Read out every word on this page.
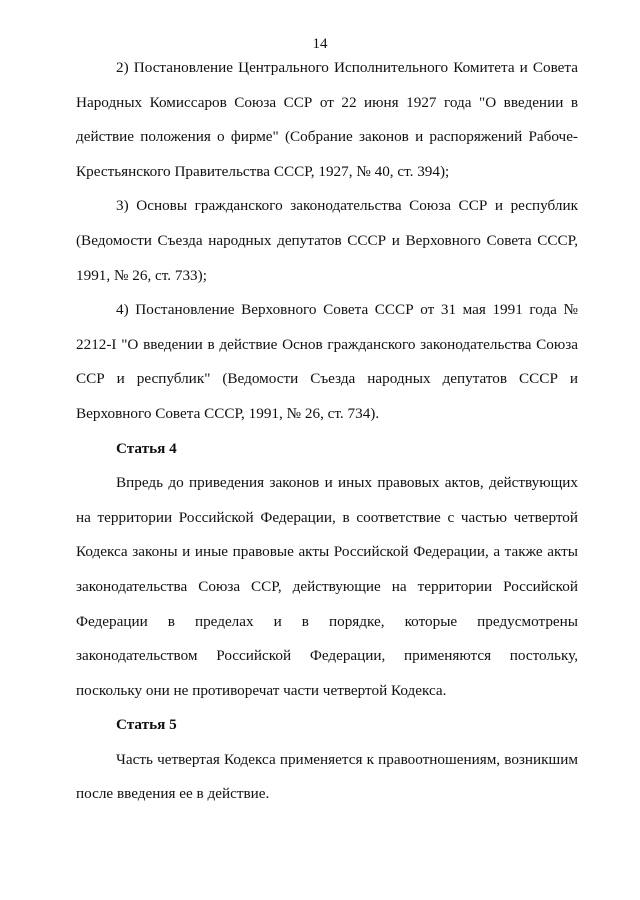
14

2) Постановление Центрального Исполнительного Комитета и Совета Народных Комиссаров Союза ССР от 22 июня 1927 года "О введении в действие положения о фирме" (Собрание законов и распоряжений Рабоче-Крестьянского Правительства СССР, 1927, № 40, ст. 394);

3) Основы гражданского законодательства Союза ССР и республик (Ведомости Съезда народных депутатов СССР и Верховного Совета СССР, 1991, № 26, ст. 733);

4) Постановление Верховного Совета СССР от 31 мая 1991 года № 2212-I "О введении в действие Основ гражданского законодательства Союза ССР и республик" (Ведомости Съезда народных депутатов СССР и Верховного Совета СССР, 1991, № 26, ст. 734).

Статья 4

Впредь до приведения законов и иных правовых актов, действующих на территории Российской Федерации, в соответствие с частью четвертой Кодекса законы и иные правовые акты Российской Федерации, а также акты законодательства Союза ССР, действующие на территории Российской Федерации в пределах и в порядке, которые предусмотрены законодательством Российской Федерации, применяются постольку, поскольку они не противоречат части четвертой Кодекса.

Статья 5

Часть четвертая Кодекса применяется к правоотношениям, возникшим после введения ее в действие.
